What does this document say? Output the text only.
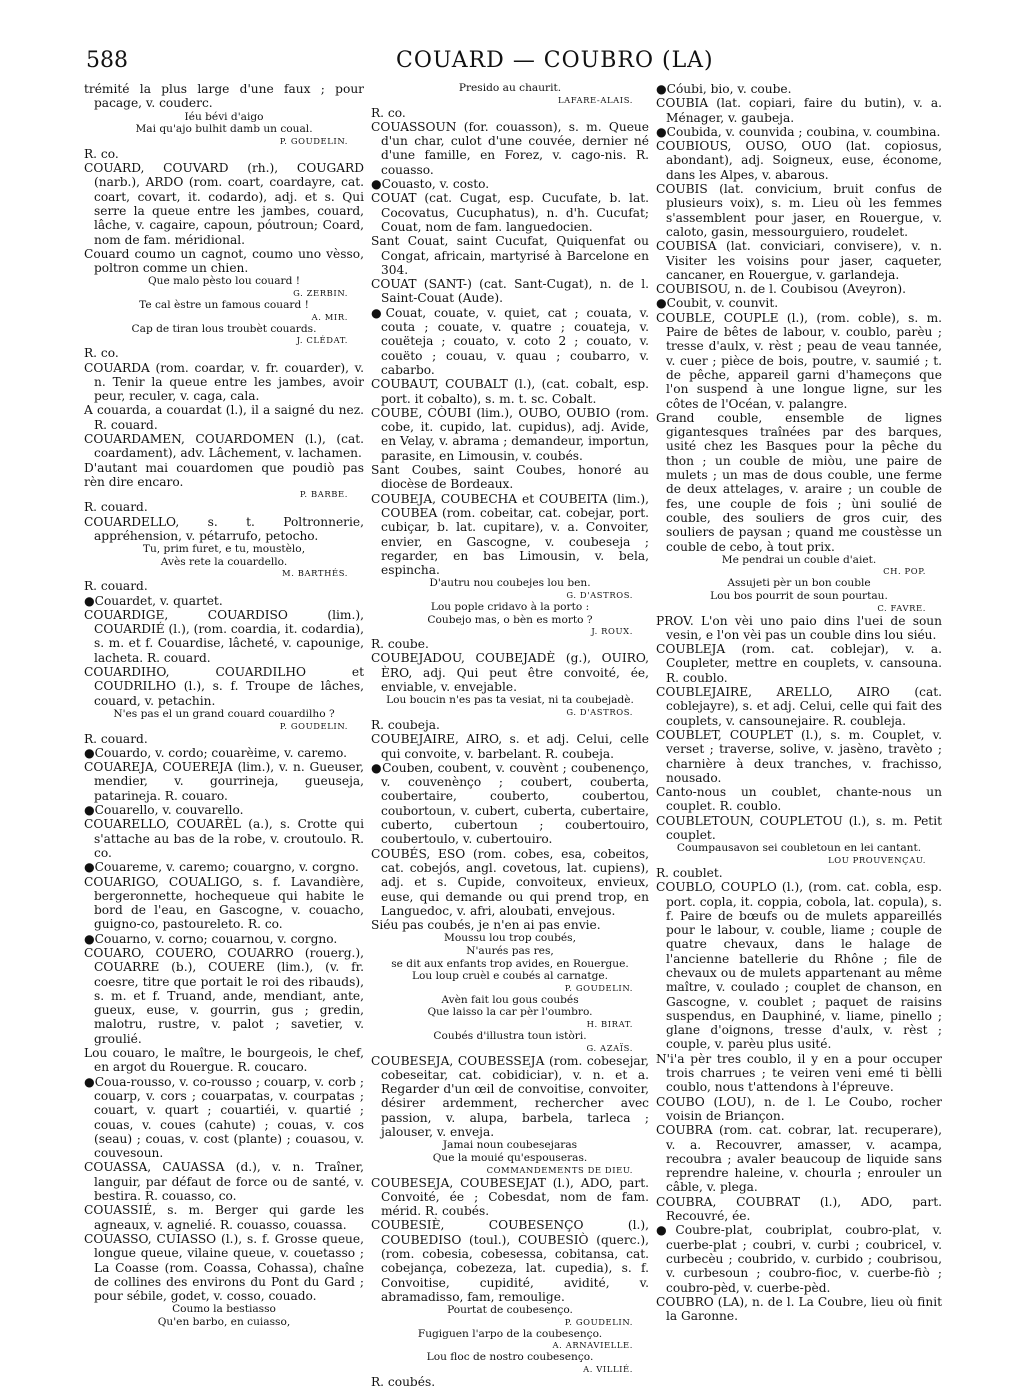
588	COUARD — COUBRO (LA)

trémité la plus large d'une faux ; pour pacage, v. couderc.

Iéu bévi d'aigo

Mai qu'ajo bulhit damb un coual.

P. GOUDELIN.

R. co.

COUARD, COUVARD (rh.), COUGARD (narb.), ARDO (rom. coart, coardayre, cat. coart, covart, it. codardo), adj. et s. Qui serre la queue entre les jambes, couard, lâche, v. cagaire, capoun, póutroun; Coard, nom de fam. méridional.

Couard coumo un cagnot, coumo uno vèsso, poltron comme un chien.

Que malo pèsto lou couard !

G. ZERBIN.

Te cal èstre un famous couard !

A. MIR.

Cap de tiran lous troubèt couards.

J. CLÉDAT.

R. co.

COUARDA (rom. coardar, v. fr. couarder), v. n. Tenir la queue entre les jambes, avoir peur, reculer, v. caga, cala.

A couarda, a couardat (l.), il a saigné du nez. R. couard.

COUARDAMEN, COUARDOMEN (l.), (cat. coardament), adv. Lâchement, v. lachamen.

D'autant mai couardomen que poudiò pas rèn dire encaro.

P. BARBE.

R. couard.

COUARDELLO, s. t. Poltronnerie, appréhension, v. pétarrufo, petocho.

Tu, prim furet, e tu, moustèlo,

Avès rete la couardello.

M. BARTHÉS.

R. couard.

●Couardet, v. quartet.

COUARDIGE, COUARDISO (lim.), COUARDIÉ (l.), (rom. coardia, it. codardia), s. m. et f. Couardise, lâcheté, v. capounige, lacheta. R. couard.

COUARDIHO, COUARDILHO et COUDRILHO (l.), s. f. Troupe de lâches, couard, v. petachin.

N'es pas el un grand couard couardilho ?

P. GOUDELIN.

R. couard.

●Couardo, v. cordo; couarèime, v. caremo.

COUAREJA, COUEREJA (lim.), v. n. Gueuser, mendier, v. gourrineja, gueuseja, patarineja. R. couaro.

●Couarello, v. couvarello.

COUARELLO, COUARÈL (a.), s. Crotte qui s'attache au bas de la robe, v. croutoulo. R. co.

●Couareme, v. caremo; couargno, v. corgno.

COUARIGO, COUALIGO, s. f. Lavandière, bergeronnette, hochequeue qui habite le bord de l'eau, en Gascogne, v. couacho, guigno-co, pastoureleto. R. co.

●Couarno, v. corno; couarnou, v. corgno.

COUARO, COUERO, COUARRO (rouerg.), COUARRE (b.), COUERE (lim.), (v. fr. coesre, titre que portait le roi des ribauds), s. m. et f. Truand, ande, mendiant, ante, gueux, euse, v. gourrin, gus ; gredin, malotru, rustre, v. palot ; savetier, v. groulié.

Lou couaro, le maître, le bourgeois, le chef, en argot du Rouergue. R. coucaro.

●Coua-rousso, v. co-rousso ; couarp, v. corb ; couarp, v. cors ; couarpatas, v. courpatas ; couart, v. quart ; couartiéi, v. quartié ; couas, v. coues (cahute) ; couas, v. cos (seau) ; couas, v. cost (plante) ; couasou, v. couvesoun.

COUASSA, CAUASSA (d.), v. n. Traîner, languir, par défaut de force ou de santé, v. bestira. R. couasso, co.

COUASSIÉ, s. m. Berger qui garde les agneaux, v. agnelié. R. couasso, couassa.

COUASSO, CUIASSO (l.), s. f. Grosse queue, longue queue, vilaine queue, v. couetasso ; La Coasse (rom. Coassa, Cohassa), chaîne de collines des environs du Pont du Gard ; pour sébile, godet, v. cosso, couado.

Coumo la bestiasso

Qu'en barbo, en cuiasso,

Presido au chaurit.

LAFARE-ALAIS.

R. co.

COUASSOUN (for. couasson), s. m. Queue d'un char, culot d'une couvée, dernier né d'une famille, en Forez, v. cago-nis. R. couasso.

●Couasto, v. costo.

COUAT (cat. Cugat, esp. Cucufate, b. lat. Cocovatus, Cucuphatus), n. d'h. Cucufat; Couat, nom de fam. languedocien.

Sant Couat, saint Cucufat, Quiquenfat ou Congat, africain, martyrisé à Barcelone en 304.

COUAT (SANT-) (cat. Sant-Cugat), n. de l. Saint-Couat (Aude).

●Couat, couate, v. quiet, cat ; couata, v. couta ; couate, v. quatre ; couateja, v. couëteja ; couato, v. coto 2 ; couato, v. couëto ; couau, v. quau ; coubarro, v. cabarbo.

COUBAUT, COUBALT (l.), (cat. cobalt, esp. port. it cobalto), s. m. t. sc. Cobalt.

COUBE, CÒUBI (lim.), OUBO, OUBIO (rom. cobe, it. cupido, lat. cupidus), adj. Avide, en Velay, v. abrama ; demandeur, importun, parasite, en Limousin, v. coubés.

Sant Coubes, saint Coubes, honoré au diocèse de Bordeaux.

COUBEJA, COUBECHA et COUBEITA (lim.), COUBEA (rom. cobeitar, cat. cobejar, port. cubiçar, b. lat. cupitare), v. a. Convoiter, envier, en Gascogne, v. coubeseja ; regarder, en bas Limousin, v. bela, espincha.

D'autru nou coubejes lou ben.

G. D'ASTROS.

Lou pople cridavo à la porto :

Coubejo mas, o bèn es morto ?

J. ROUX.

R. coube.

COUBEJADOU, COUBEJADÈ (g.), OUIRO, ÈRO, adj. Qui peut être convoité, ée, enviable, v. envejable.

Lou boucin n'es pas ta vesiat, ni ta coubejadè.

G. D'ASTROS.

R. coubeja.

COUBEJAIRE, AIRO, s. et adj. Celui, celle qui convoite, v. barbelant. R. coubeja.

●Couben, coubent, v. couvènt ; coubenenço, v. couvenènço ; coubert, couberta, coubertaire, couberto, coubertou, coubortoun, v. cubert, cuberta, cubertaire, cuberto, cubertoun ; coubertouiro, coubertoulo, v. cubertouiro.

COUBÉS, ESO (rom. cobes, esa, cobeitos, cat. cobejós, angl. covetous, lat. cupiens), adj. et s. Cupide, convoiteux, envieux, euse, qui demande ou qui prend trop, en Languedoc, v. afri, aloubati, envejous.

Siéu pas coubés, je n'en ai pas envie.

Moussu lou trop coubés,

N'aurés pas res,

se dit aux enfants trop avides, en Rouergue.

Lou loup cruèl e coubés al carnatge.

P. GOUDELIN.

Avèn fait lou gous coubés

Que laisso la car pèr l'oumbro.

H. BIRAT.

Coubés d'illustra toun istòri.

G. AZAÏS.

COUBESEJA, COUBESSEJA (rom. cobesejar, cobeseitar, cat. cobidiciar), v. n. et a. Regarder d'un œil de convoitise, convoiter, désirer ardemment, rechercher avec passion, v. alupa, barbela, tarleca ; jalouser, v. enveja.

Jamai noun coubesejaras

Que la mouié qu'espouseras.

COMMANDEMENTS DE DIEU.

COUBESEJA, COUBESEJAT (l.), ADO, part. Convoité, ée ; Cobesdat, nom de fam. mérid. R. coubés.

COUBESIÈ, COUBESENÇO (l.), COUBEDISO (toul.), COUBESIÒ (querc.), (rom. cobesia, cobesessa, cobitansa, cat. cobejança, cobezeza, lat. cupedia), s. f. Convoitise, cupidité, avidité, v. abramadisso, fam, remoulige.

Pourtat de coubesenço.

P. GOUDELIN.

Fugiguen l'arpo de la coubesenço.

A. ARNAVIELLE.

Lou floc de nostro coubesenço.

A. VILLIÉ.

R. coubés.

●Cóubi, bio, v. coube.

COUBIA (lat. copiari, faire du butin), v. a. Ménager, v. gaubeja.

●Coubida, v. counvida ; coubina, v. coumbina.

COUBIOUS, OUSO, OUO (lat. copiosus, abondant), adj. Soigneux, euse, économe, dans les Alpes, v. abarous.

COUBIS (lat. convicium, bruit confus de plusieurs voix), s. m. Lieu où les femmes s'assemblent pour jaser, en Rouergue, v. caloto, gasin, messourguiero, roudelet.

COUBISA (lat. conviciari, convisere), v. n. Visiter les voisins pour jaser, caqueter, cancaner, en Rouergue, v. garlandeja.

COUBISOU, n. de l. Coubisou (Aveyron).

●Coubit, v. counvit.

COUBLE, COUPLE (l.), (rom. coble), s. m. Paire de bêtes de labour, v. coublo, parèu ; tresse d'aulx, v. rèst ; peau de veau tannée, v. cuer ; pièce de bois, poutre, v. saumié ; t. de pêche, appareil garni d'hameçons que l'on suspend à une longue ligne, sur les côtes de l'Océan, v. palangre.

Grand couble, ensemble de lignes gigantesques traînées par des barques, usité chez les Basques pour la pêche du thon ; un couble de miòu, une paire de mulets ; un mas de dous couble, une ferme de deux attelages, v. araire ; un couble de fes, une couple de fois ; ùni soulié de couble, des souliers de gros cuir, des souliers de paysan ; quand me coustèsse un couble de cebo, à tout prix.

Me pendrai un couble d'aiet.

CH. POP.

Assujeti pèr un bon couble

Lou bos pourrit de soun pourtau.

C. FAVRE.

PROV. L'on vèi uno paio dins l'uei de soun vesin, e l'on vèi pas un couble dins lou siéu.

COUBLEJA (rom. cat. coblejar), v. a. Coupleter, mettre en couplets, v. cansouna. R. coublo.

COUBLEJAIRE, ARELLO, AIRO (cat. coblejayre), s. et adj. Celui, celle qui fait des couplets, v. cansounejaire. R. coubleja.

COUBLET, COUPLET (l.), s. m. Couplet, v. verset ; traverse, solive, v. jasèno, travèto ; charnière à deux tranches, v. frachisso, nousado.

Canto-nous un coublet, chante-nous un couplet. R. coublo.

COUBLETOUN, COUPLETOU (l.), s. m. Petit couplet.

Coumpausavon sei coubletoun en lei cantant.

LOU PROUVENÇAU.

R. coublet.

COUBLO, COUPLO (l.), (rom. cat. cobla, esp. port. copla, it. coppia, cobola, lat. copula), s. f. Paire de bœufs ou de mulets appareillés pour le labour, v. couble, liame ; couple de quatre chevaux, dans le halage de l'ancienne batellerie du Rhône ; file de chevaux ou de mulets appartenant au même maître, v. coulado ; couplet de chanson, en Gascogne, v. coublet ; paquet de raisins suspendus, en Dauphiné, v. liame, pinello ; glane d'oignons, tresse d'aulx, v. rèst ; couple, v. parèu plus usité.

N'i'a pèr tres coublo, il y en a pour occuper trois charrues ; te veiren veni emé ti bèlli coublo, nous t'attendons à l'épreuve.

COUBO (LOU), n. de l. Le Coubo, rocher voisin de Briançon.

COUBRA (rom. cat. cobrar, lat. recuperare), v. a. Recouvrer, amasser, v. acampa, recoubra ; avaler beaucoup de liquide sans reprendre haleine, v. chourla ; enrouler un câble, v. plega.

COUBRA, COUBRAT (l.), ADO, part. Recouvré, ée.

●Coubre-plat, coubriplat, coubro-plat, v. cuerbe-plat ; coubri, v. curbi ; coubricel, v. curbecèu ; coubrido, v. curbido ; coubrisou, v. curbesoun ; coubro-fioc, v. cuerbe-fiò ; coubro-pèd, v. cuerbe-pèd.

COUBRO (LA), n. de l. La Coubre, lieu où finit la Garonne.
